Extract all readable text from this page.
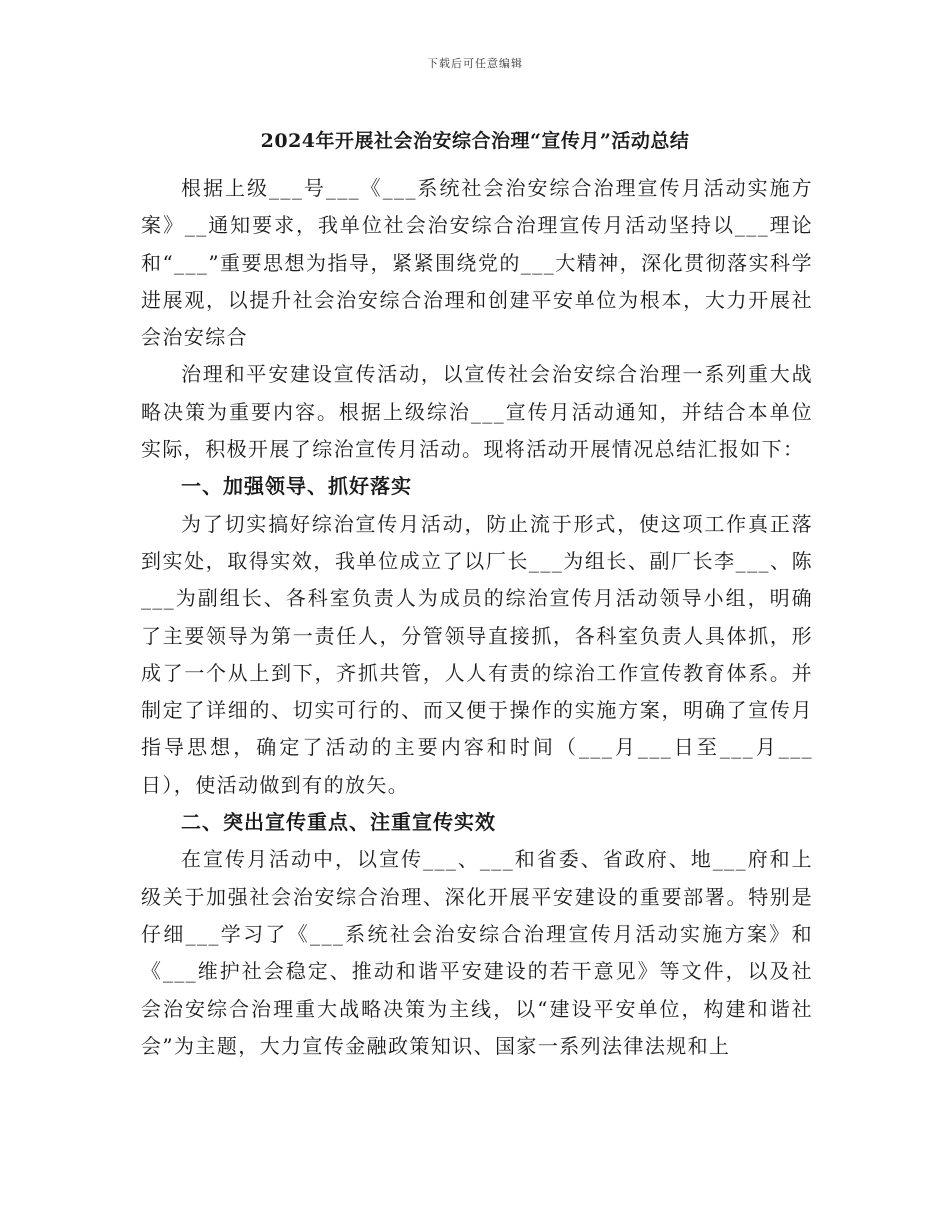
下载后可任意编辑
2024年开展社会治安综合治理“宣传月”活动总结

根据上级___号___《___系统社会治安综合治理宣传月活动实施方案》__通知要求，我单位社会治安综合治理宣传月活动坚持以___理论和“___”重要思想为指导，紧紧围绕党的___大精神，深化贯彻落实科学进展观，以提升社会治安综合治理和创建平安单位为根本，大力开展社会治安综合

治理和平安建设宣传活动，以宣传社会治安综合治理一系列重大战略决策为重要内容。根据上级综治___宣传月活动通知，并结合本单位实际，积极开展了综治宣传月活动。现将活动开展情况总结汇报如下：

一、加强领导、抓好落实

为了切实搞好综治宣传月活动，防止流于形式，使这项工作真正落到实处，取得实效，我单位成立了以厂长___为组长、副厂长李___、陈___为副组长、各科室负责人为成员的综治宣传月活动领导小组，明确了主要领导为第一责任人，分管领导直接抓，各科室负责人具体抓，形成了一个从上到下，齐抓共管，人人有责的综治工作宣传教育体系。并制定了详细的、切实可行的、而又便于操作的实施方案，明确了宣传月指导思想，确定了活动的主要内容和时间（___月___日至___月___日），使活动做到有的放矢。

二、突出宣传重点、注重宣传实效

在宣传月活动中，以宣传___、___和省委、省政府、地___府和上级关于加强社会治安综合治理、深化开展平安建设的重要部署。特别是仔细___学习了《___系统社会治安综合治理宣传月活动实施方案》和《___维护社会稳定、推动和谐平安建设的若干意见》等文件，以及社会治安综合治理重大战略决策为主线，以“建设平安单位，构建和谐社会”为主题，大力宣传金融政策知识、国家一系列法律法规和上
